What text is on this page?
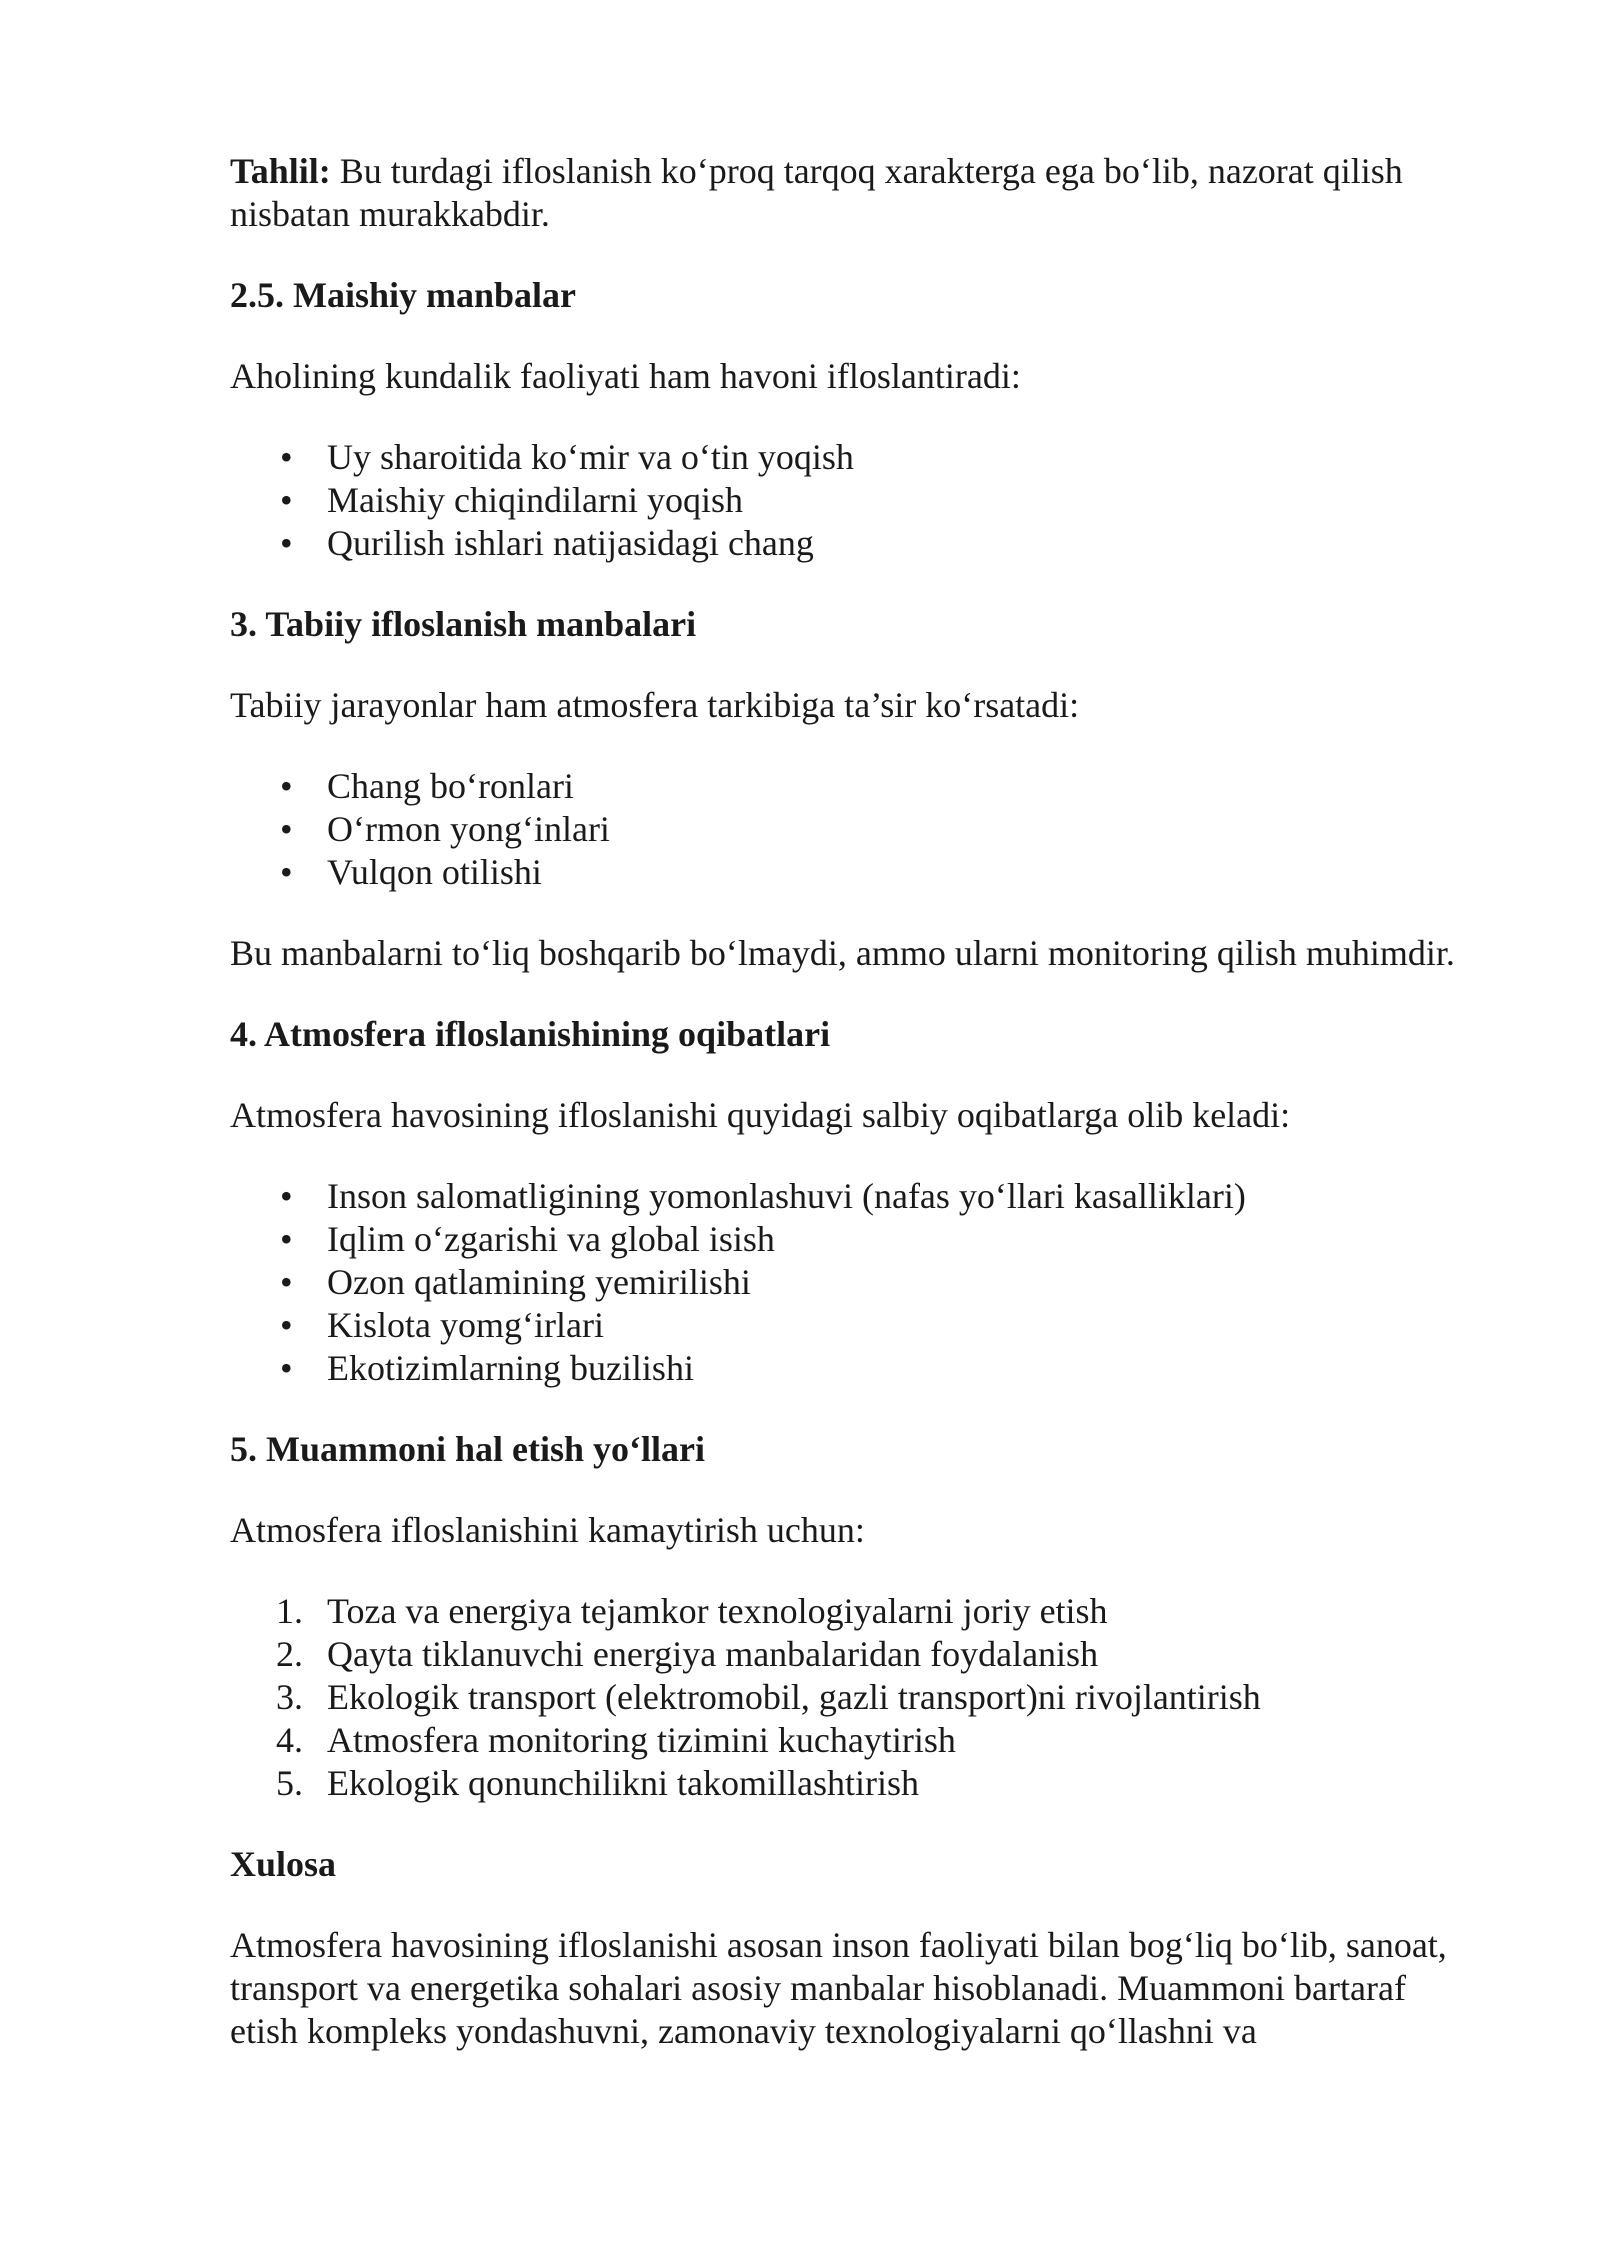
Tahlil: Bu turdagi ifloslanish ko‘proq tarqoq xarakterga ega bo‘lib, nazorat qilish nisbatan murakkabdir.

2.5. Maishiy manbalar

Aholining kundalik faoliyati ham havoni ifloslantiradi:

• Uy sharoitida ko‘mir va o‘tin yoqish
• Maishiy chiqindilarni yoqish
• Qurilish ishlari natijasidagi chang
3. Tabiiy ifloslanish manbalari

Tabiiy jarayonlar ham atmosfera tarkibiga ta’sir ko‘rsatadi:

• Chang bo‘ronlari
• O‘rmon yong‘inlari
• Vulqon otilishi

Bu manbalarni to‘liq boshqarib bo‘lmaydi, ammo ularni monitoring qilish muhimdir.

4. Atmosfera ifloslanishining oqibatlari

Atmosfera havosining ifloslanishi quyidagi salbiy oqibatlarga olib keladi:

• Inson salomatligining yomonlashuvi (nafas yo‘llari kasalliklari)
• Iqlim o‘zgarishi va global isish
• Ozon qatlamining yemirilishi
• Kislota yomg‘irlari
• Ekotizimlarning buzilishi
5. Muammoni hal etish yo‘llari

Atmosfera ifloslanishini kamaytirish uchun:

1. Toza va energiya tejamkor texnologiyalarni joriy etish
2. Qayta tiklanuvchi energiya manbalaridan foydalanish
3. Ekologik transport (elektromobil, gazli transport)ni rivojlantirish
4. Atmosfera monitoring tizimini kuchaytirish
5. Ekologik qonunchilikni takomillashtirish
Xulosa

Atmosfera havosining ifloslanishi asosan inson faoliyati bilan bog‘liq bo‘lib, sanoat, transport va energetika sohalari asosiy manbalar hisoblanadi. Muammoni bartaraf etish kompleks yondashuvni, zamonaviy texnologiyalarni qo‘llashni va
